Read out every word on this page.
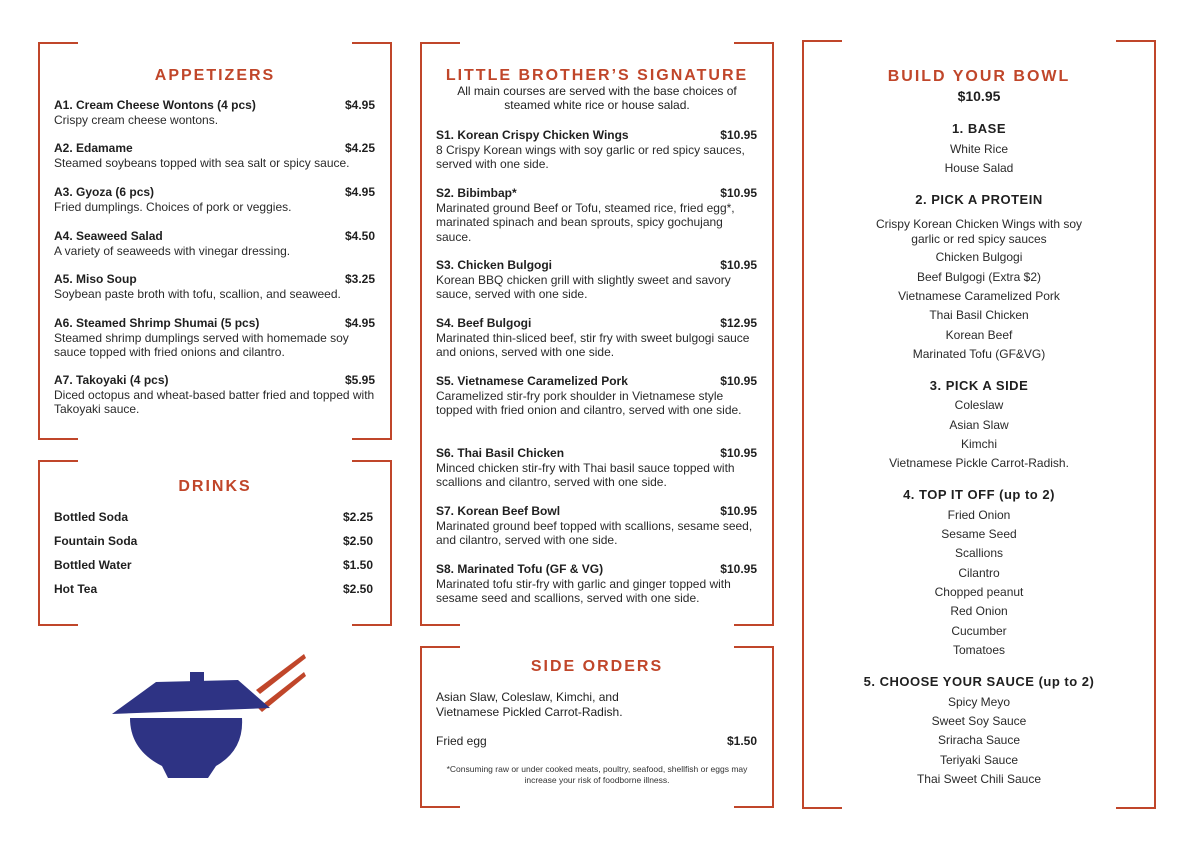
APPETIZERS
A1. Cream Cheese Wontons (4 pcs)	$4.95
Crispy cream cheese wontons.
A2. Edamame	$4.25
Steamed soybeans topped with sea salt or spicy sauce.
A3. Gyoza (6 pcs)	$4.95
Fried dumplings. Choices of pork or veggies.
A4. Seaweed Salad	$4.50
A variety of seaweeds with vinegar dressing.
A5. Miso Soup	$3.25
Soybean paste broth with tofu, scallion, and seaweed.
A6. Steamed Shrimp Shumai (5 pcs)	$4.95
Steamed shrimp dumplings served with homemade soy sauce topped with fried onions and cilantro.
A7. Takoyaki (4 pcs)	$5.95
Diced octopus and wheat-based batter fried and topped with Takoyaki sauce.
DRINKS
Bottled Soda	$2.25
Fountain Soda	$2.50
Bottled Water	$1.50
Hot Tea	$2.50
LITTLE BROTHER’S SIGNATURE
All main courses are served with the base choices of steamed white rice or house salad.
S1. Korean Crispy Chicken Wings	$10.95
8 Crispy Korean wings with soy garlic or red spicy sauces, served with one side.
S2. Bibimbap*	$10.95
Marinated ground Beef or Tofu, steamed rice, fried egg*, marinated spinach and bean sprouts, spicy gochujang sauce.
S3. Chicken Bulgogi	$10.95
Korean BBQ chicken grill with slightly sweet and savory sauce, served with one side.
S4. Beef Bulgogi	$12.95
Marinated thin-sliced beef, stir fry with sweet bulgogi sauce and onions, served with one side.
S5. Vietnamese Caramelized Pork	$10.95
Caramelized stir-fry pork shoulder in Vietnamese style topped with fried onion and cilantro, served with one side.
S6. Thai Basil Chicken	$10.95
Minced chicken stir-fry with Thai basil sauce topped with scallions and cilantro, served with one side.
S7. Korean Beef Bowl	$10.95
Marinated ground beef topped with scallions, sesame seed, and cilantro, served with one side.
S8. Marinated Tofu (GF & VG)	$10.95
Marinated tofu stir-fry with garlic and ginger topped with sesame seed and scallions, served with one side.
SIDE ORDERS
Asian Slaw, Coleslaw, Kimchi, and Vietnamese Pickled Carrot-Radish.
Fried egg	$1.50
*Consuming raw or under cooked meats, poultry, seafood, shellfish or eggs may increase your risk of foodborne illness.
BUILD YOUR BOWL
$10.95
1. BASE
White Rice
House Salad
2. PICK A PROTEIN
Crispy Korean Chicken Wings with soy garlic or red spicy sauces
Chicken Bulgogi
Beef Bulgogi (Extra $2)
Vietnamese Caramelized Pork
Thai Basil Chicken
Korean Beef
Marinated Tofu (GF&VG)
3. PICK A SIDE
Coleslaw
Asian Slaw
Kimchi
Vietnamese Pickle Carrot-Radish.
4. TOP IT OFF (up to 2)
Fried Onion
Sesame Seed
Scallions
Cilantro
Chopped peanut
Red Onion
Cucumber
Tomatoes
5. CHOOSE YOUR SAUCE (up to 2)
Spicy Meyo
Sweet Soy Sauce
Sriracha Sauce
Teriyaki Sauce
Thai Sweet Chili Sauce
